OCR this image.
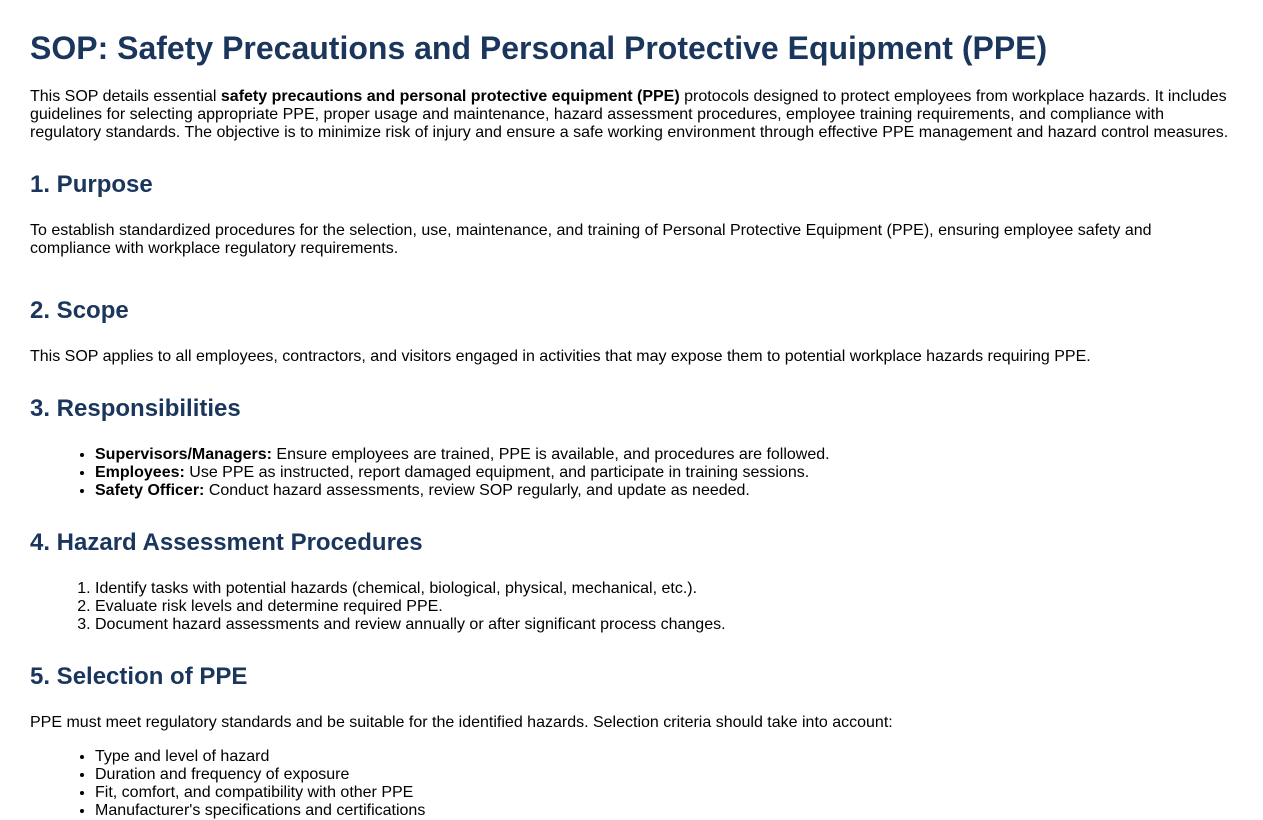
SOP: Safety Precautions and Personal Protective Equipment (PPE)

This SOP details essential safety precautions and personal protective equipment (PPE) protocols designed to protect employees from workplace hazards. It includes guidelines for selecting appropriate PPE, proper usage and maintenance, hazard assessment procedures, employee training requirements, and compliance with regulatory standards. The objective is to minimize risk of injury and ensure a safe working environment through effective PPE management and hazard control measures.

1. Purpose

To establish standardized procedures for the selection, use, maintenance, and training of Personal Protective Equipment (PPE), ensuring employee safety and compliance with workplace regulatory requirements.

2. Scope

This SOP applies to all employees, contractors, and visitors engaged in activities that may expose them to potential workplace hazards requiring PPE.

3. Responsibilities
• Supervisors/Managers: Ensure employees are trained, PPE is available, and procedures are followed.
• Employees: Use PPE as instructed, report damaged equipment, and participate in training sessions.
• Safety Officer: Conduct hazard assessments, review SOP regularly, and update as needed.
4. Hazard Assessment Procedures
1. Identify tasks with potential hazards (chemical, biological, physical, mechanical, etc.).
2. Evaluate risk levels and determine required PPE.
3. Document hazard assessments and review annually or after significant process changes.
5. Selection of PPE

PPE must meet regulatory standards and be suitable for the identified hazards. Selection criteria should take into account:

• Type and level of hazard
• Duration and frequency of exposure
• Fit, comfort, and compatibility with other PPE
• Manufacturer's specifications and certifications
